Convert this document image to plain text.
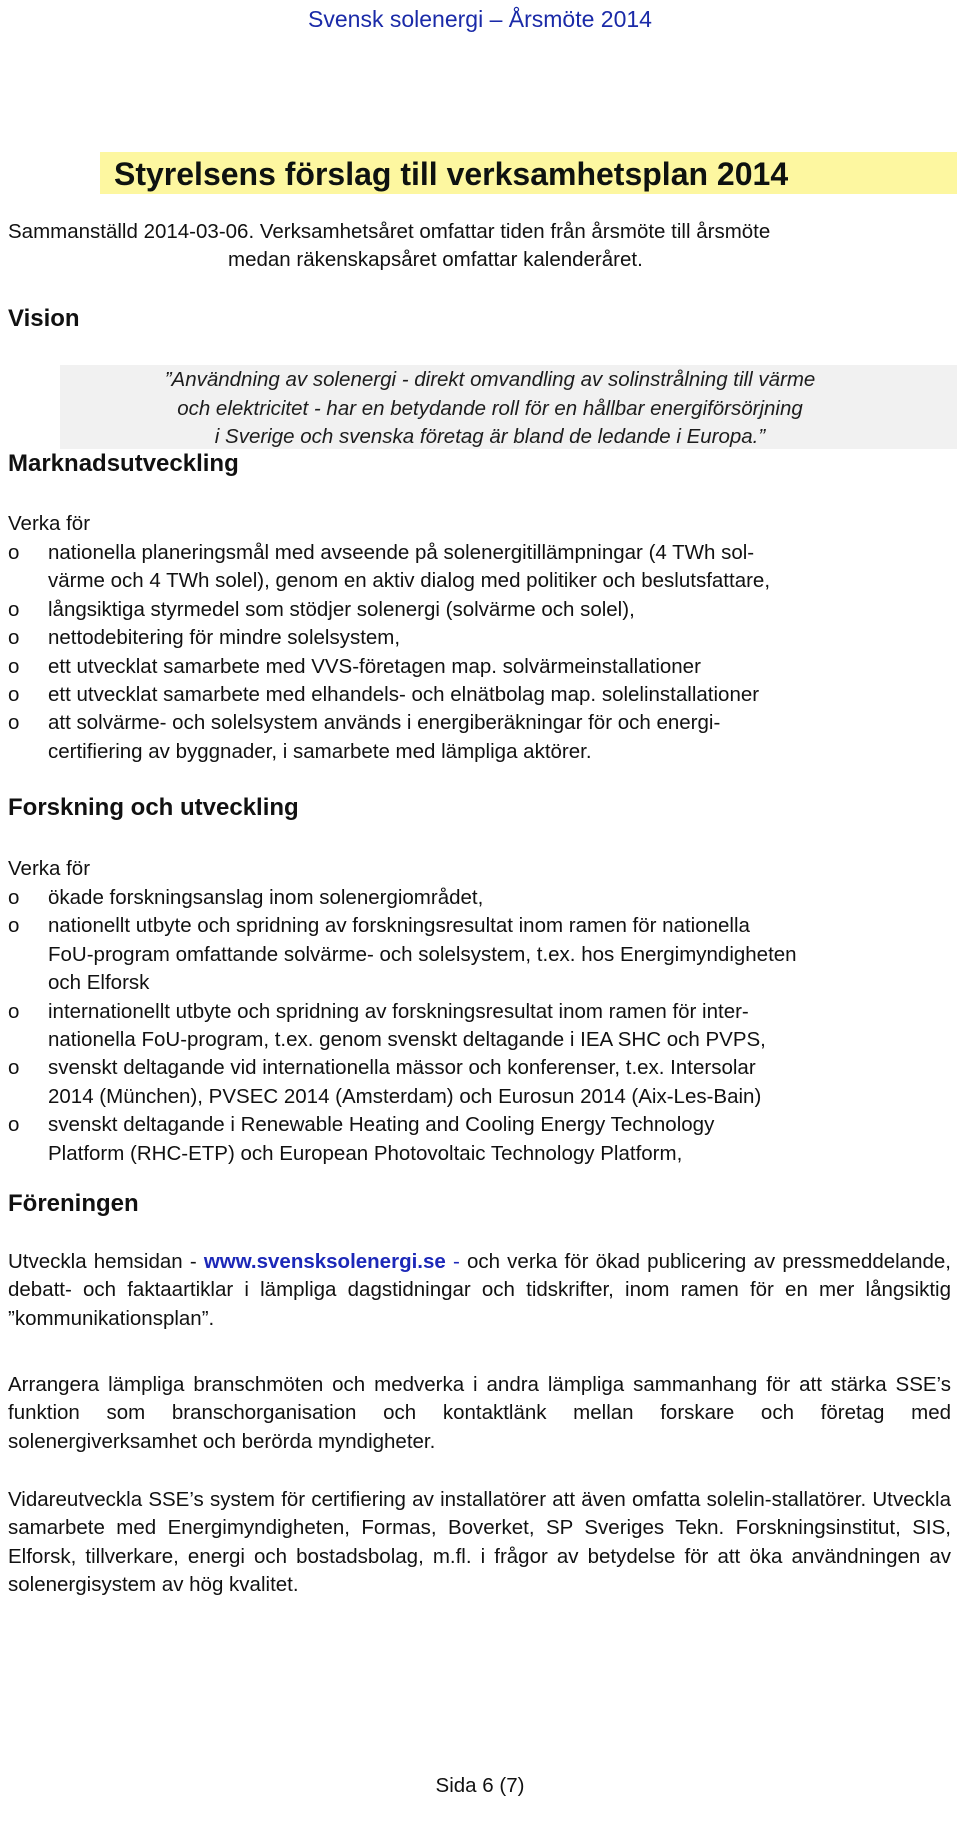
Svensk solenergi – Årsmöte 2014
Styrelsens förslag till verksamhetsplan 2014
Sammanställd 2014-03-06. Verksamhetsåret omfattar tiden från årsmöte till årsmöte
medan räkenskapsåret omfattar kalenderåret.
Vision
”Användning av solenergi - direkt omvandling av solinstrålning till värme
och elektricitet - har en betydande roll för en hållbar energiförsörjning
i Sverige och svenska företag är bland de ledande i Europa.”
Marknadsutveckling
Verka för
o nationella planeringsmål med avseende på solenergitillämpningar (4 TWh sol-
värme och 4 TWh solel), genom en aktiv dialog med politiker och beslutsfattare,
o långsiktiga styrmedel som stödjer solenergi (solvärme och solel),
o nettodebitering för mindre solelsystem,
o ett utvecklat samarbete med VVS-företagen map. solvärmeinstallationer
o ett utvecklat samarbete med elhandels- och elnätbolag map. solelinstallationer
o att solvärme- och solelsystem används i energiberäkningar för och energi-
certifiering av byggnader, i samarbete med lämpliga aktörer.
Forskning och utveckling
Verka för
o ökade forskningsanslag inom solenergiområdet,
o nationellt utbyte och spridning av forskningsresultat inom ramen för nationella
FoU-program omfattande solvärme- och solelsystem, t.ex. hos Energimyndigheten
och Elforsk
o internationellt utbyte och spridning av forskningsresultat inom ramen för inter-
nationella FoU-program, t.ex. genom svenskt deltagande i IEA SHC och PVPS,
o svenskt deltagande vid internationella mässor och konferenser, t.ex. Intersolar
2014 (München), PVSEC 2014 (Amsterdam) och Eurosun 2014 (Aix-Les-Bain)
o svenskt deltagande i Renewable Heating and Cooling Energy Technology
Platform (RHC-ETP) och European Photovoltaic Technology Platform,
Föreningen

Utveckla hemsidan - www.svensksolenergi.se - och verka för ökad publicering av pressmeddelande, debatt- och faktaartiklar i lämpliga dagstidningar och tidskrifter, inom ramen för en mer långsiktig ”kommunikationsplan”.

Arrangera lämpliga branschmöten och medverka i andra lämpliga sammanhang för att stärka SSE’s funktion som branschorganisation och kontaktlänk mellan forskare och företag med solenergiverksamhet och berörda myndigheter.

Vidareutveckla SSE’s system för certifiering av installatörer att även omfatta solelin-stallatörer. Utveckla samarbete med Energimyndigheten, Formas, Boverket, SP Sveriges Tekn. Forskningsinstitut, SIS, Elforsk, tillverkare, energi och bostadsbolag, m.fl. i frågor av betydelse för att öka användningen av solenergisystem av hög kvalitet.

Sida 6 (7)
